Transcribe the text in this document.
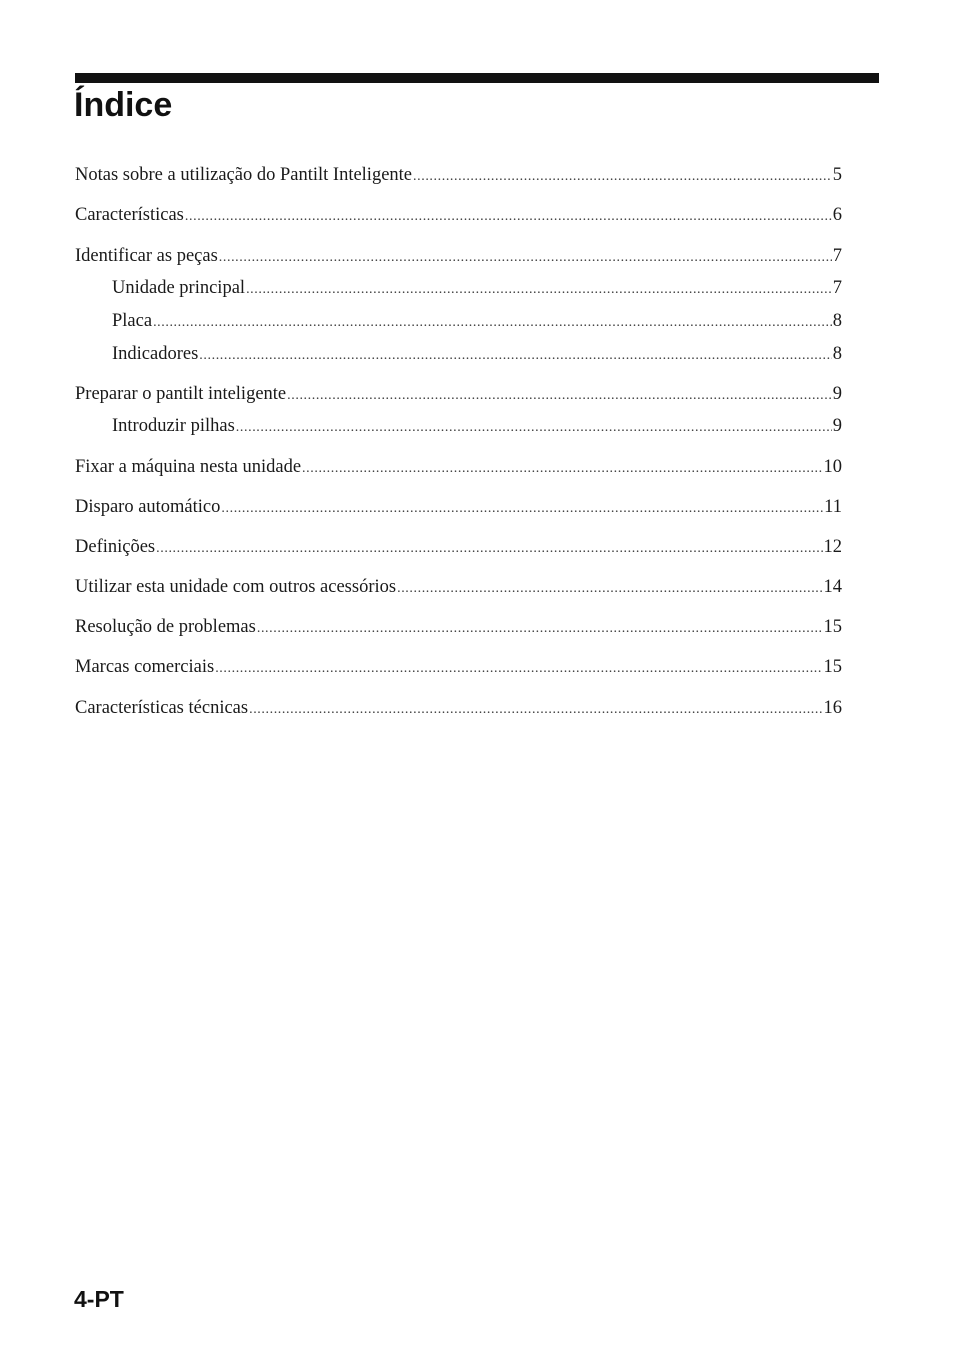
Índice
Notas sobre a utilização do Pantilt Inteligente .....	5
Características .....	6
Identificar as peças .....	7
Unidade principal .....	7
Placa .....	8
Indicadores .....	8
Preparar o pantilt inteligente .....	9
Introduzir pilhas .....	9
Fixar a máquina nesta unidade .....	10
Disparo automático .....	11
Definições .....	12
Utilizar esta unidade com outros acessórios .....	14
Resolução de problemas .....	15
Marcas comerciais .....	15
Características técnicas .....	16
4-PT
